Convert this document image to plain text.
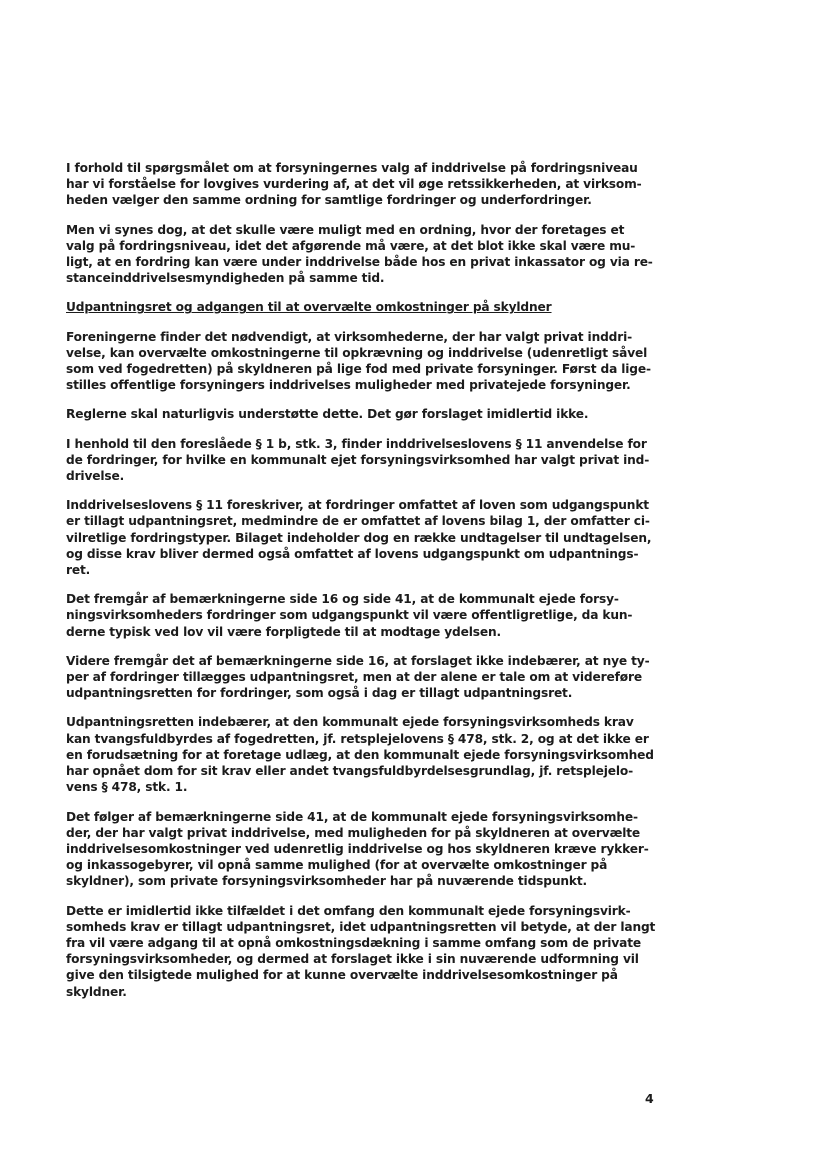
I forhold til spørgsmålet om at forsyningernes valg af inddrivelse på fordringsniveau
har vi forståelse for lovgives vurdering af, at det vil øge retssikkerheden, at virksom-
heden vælger den samme ordning for samtlige fordringer og underfordringer.

Men vi synes dog, at det skulle være muligt med en ordning, hvor der foretages et
valg på fordringsniveau, idet det afgørende må være, at det blot ikke skal være mu-
ligt, at en fordring kan være under inddrivelse både hos en privat inkassator og via re-
stanceinddrivelsesmyndigheden på samme tid.

Udpantningsret og adgangen til at overvælte omkostninger på skyldner

Foreningerne finder det nødvendigt, at virksomhederne, der har valgt privat inddri-
velse, kan overvælte omkostningerne til opkrævning og inddrivelse (udenretligt såvel
som ved fogedretten) på skyldneren på lige fod med private forsyninger. Først da lige-
stilles offentlige forsyningers inddrivelses muligheder med privatejede forsyninger.

Reglerne skal naturligvis understøtte dette. Det gør forslaget imidlertid ikke.

I henhold til den foreslåede § 1 b, stk. 3, finder inddrivelseslovens § 11 anvendelse for
de fordringer, for hvilke en kommunalt ejet forsyningsvirksomhed har valgt privat ind-
drivelse.

Inddrivelseslovens § 11 foreskriver, at fordringer omfattet af loven som udgangspunkt
er tillagt udpantningsret, medmindre de er omfattet af lovens bilag 1, der omfatter ci-
vilretlige fordringstyper. Bilaget indeholder dog en række undtagelser til undtagelsen,
og disse krav bliver dermed også omfattet af lovens udgangspunkt om udpantnings-
ret.

Det fremgår af bemærkningerne side 16 og side 41, at de kommunalt ejede forsy-
ningsvirksomheders fordringer som udgangspunkt vil være offentligretlige, da kun-
derne typisk ved lov vil være forpligtede til at modtage ydelsen.

Videre fremgår det af bemærkningerne side 16, at forslaget ikke indebærer, at nye ty-
per af fordringer tillægges udpantningsret, men at der alene er tale om at videreføre
udpantningsretten for fordringer, som også i dag er tillagt udpantningsret.

Udpantningsretten indebærer, at den kommunalt ejede forsyningsvirksomheds krav
kan tvangsfuldbyrdes af fogedretten, jf. retsplejelovens § 478, stk. 2, og at det ikke er
en forudsætning for at foretage udlæg, at den kommunalt ejede forsyningsvirksomhed
har opnået dom for sit krav eller andet tvangsfuldbyrdelsesgrundlag, jf. retsplejelo-
vens § 478, stk. 1.

Det følger af bemærkningerne side 41, at de kommunalt ejede forsyningsvirksomhe-
der, der har valgt privat inddrivelse, med muligheden for på skyldneren at overvælte
inddrivelsesomkostninger ved udenretlig inddrivelse og hos skyldneren kræve rykker-
og inkassogebyrer, vil opnå samme mulighed (for at overvælte omkostninger på
skyldner), som private forsyningsvirksomheder har på nuværende tidspunkt.

Dette er imidlertid ikke tilfældet i det omfang den kommunalt ejede forsyningsvirk-
somheds krav er tillagt udpantningsret, idet udpantningsretten vil betyde, at der langt
fra vil være adgang til at opnå omkostningsdækning i samme omfang som de private
forsyningsvirksomheder, og dermed at forslaget ikke i sin nuværende udformning vil
give den tilsigtede mulighed for at kunne overvælte inddrivelsesomkostninger på
skyldner.

4
